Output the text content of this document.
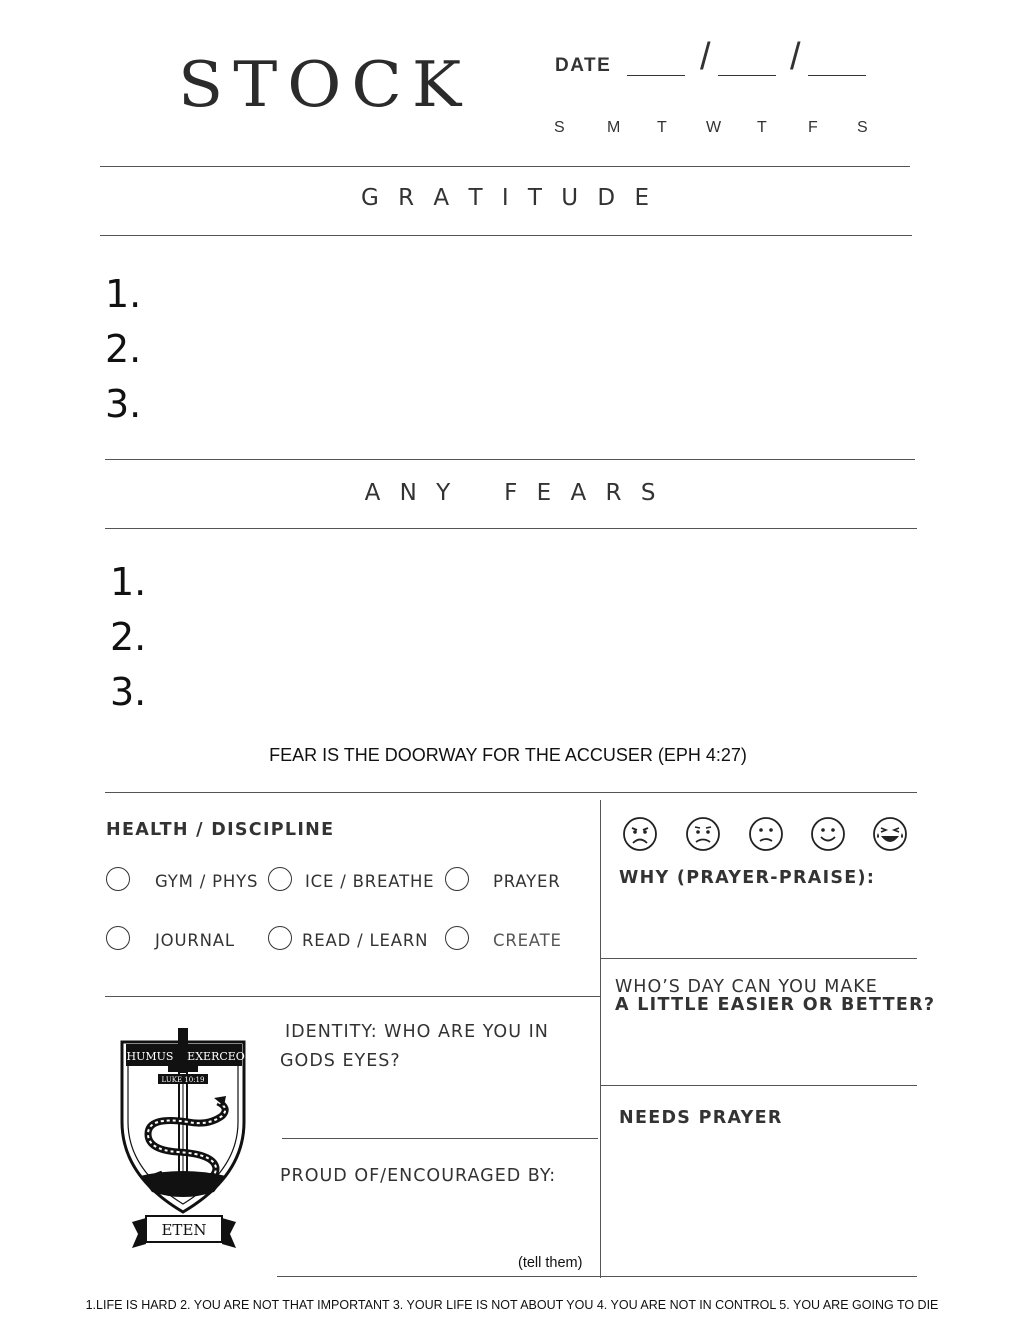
STOCK	DATE / /
S	M T W T	F S
G R A T I T U D E
1.
2.
3.
A N Y   F E A R S
1.
2.
3.
FEAR IS THE DOORWAY FOR THE ACCUSER (EPH 4:27)
HEALTH / DISCIPLINE
GYM / PHYS	ICE / BREATHE	PRAYER
JOURNAL	READ / LEARN	CREATE
WHY (PRAYER-PRAISE):
WHO’S DAY CAN YOU MAKE
A LITTLE EASIER OR BETTER?
NEEDS PRAYER
IDENTITY: WHO ARE YOU IN
GODS EYES?
PROUD OF/ENCOURAGED BY:
(tell them)
HUMUS EXERCEO
LUKE 10:19
ETEN
1.LIFE IS HARD 2. YOU ARE NOT THAT IMPORTANT 3. YOUR LIFE IS NOT ABOUT YOU 4. YOU ARE NOT IN CONTROL 5. YOU ARE GOING TO DIE
